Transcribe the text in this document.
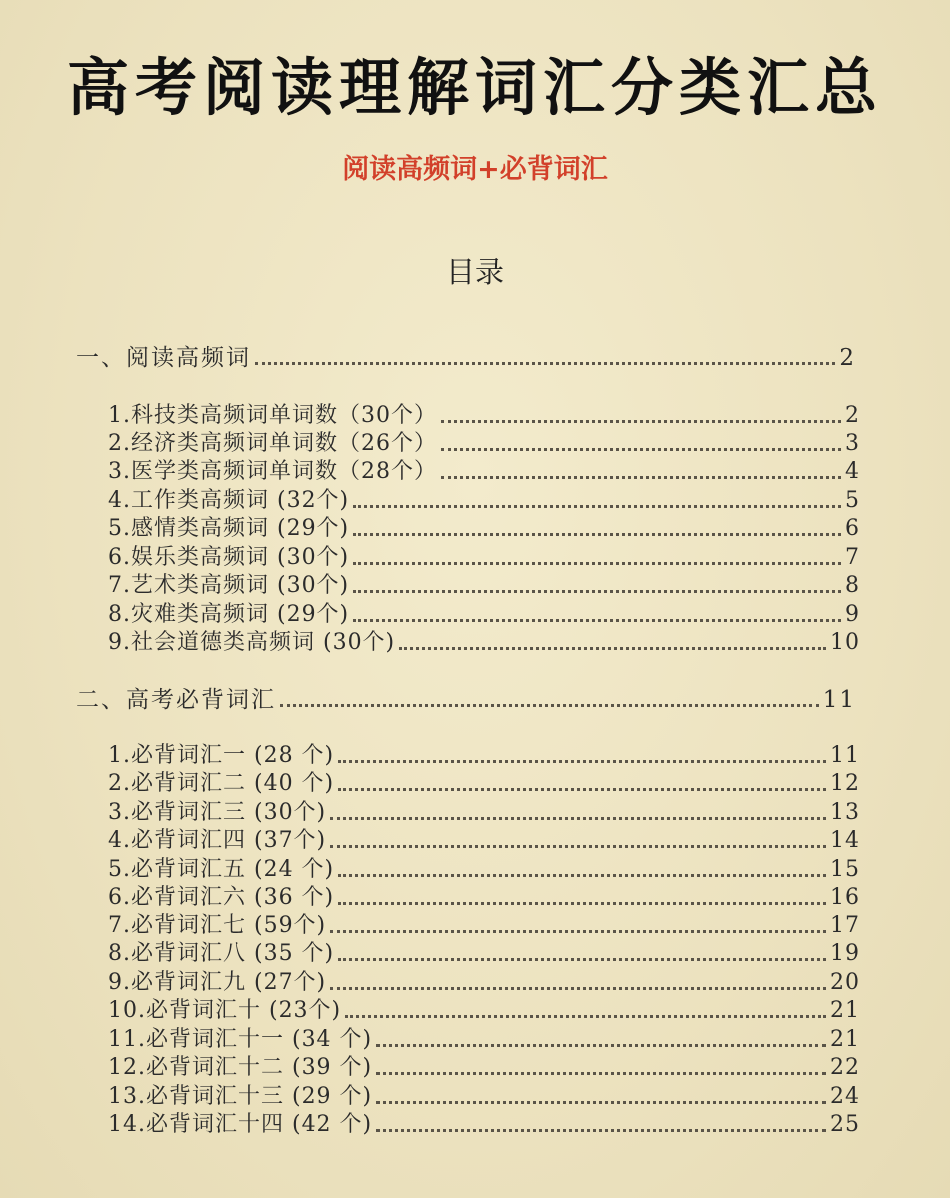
高考阅读理解词汇分类汇总
阅读高频词+必背词汇
目录
一、阅读高频词	2
1.科技类高频词单词数（30个）	2
2.经济类高频词单词数（26个）	3
3.医学类高频词单词数（28个）	4
4.工作类高频词 (32个)	5
5.感情类高频词 (29个)	6
6.娱乐类高频词 (30个)	7
7.艺术类高频词 (30个)	8
8.灾难类高频词 (29个)	9
9.社会道德类高频词 (30个)	10
二、高考必背词汇	11
1.必背词汇一 (28 个)	11
2.必背词汇二 (40 个)	12
3.必背词汇三 (30个)	13
4.必背词汇四 (37个)	14
5.必背词汇五 (24 个)	15
6.必背词汇六 (36 个)	16
7.必背词汇七 (59个)	17
8.必背词汇八 (35 个)	19
9.必背词汇九 (27个)	20
10.必背词汇十 (23个)	21
11.必背词汇十一 (34 个)	21
12.必背词汇十二 (39 个)	22
13.必背词汇十三 (29 个)	24
14.必背词汇十四 (42 个)	25
